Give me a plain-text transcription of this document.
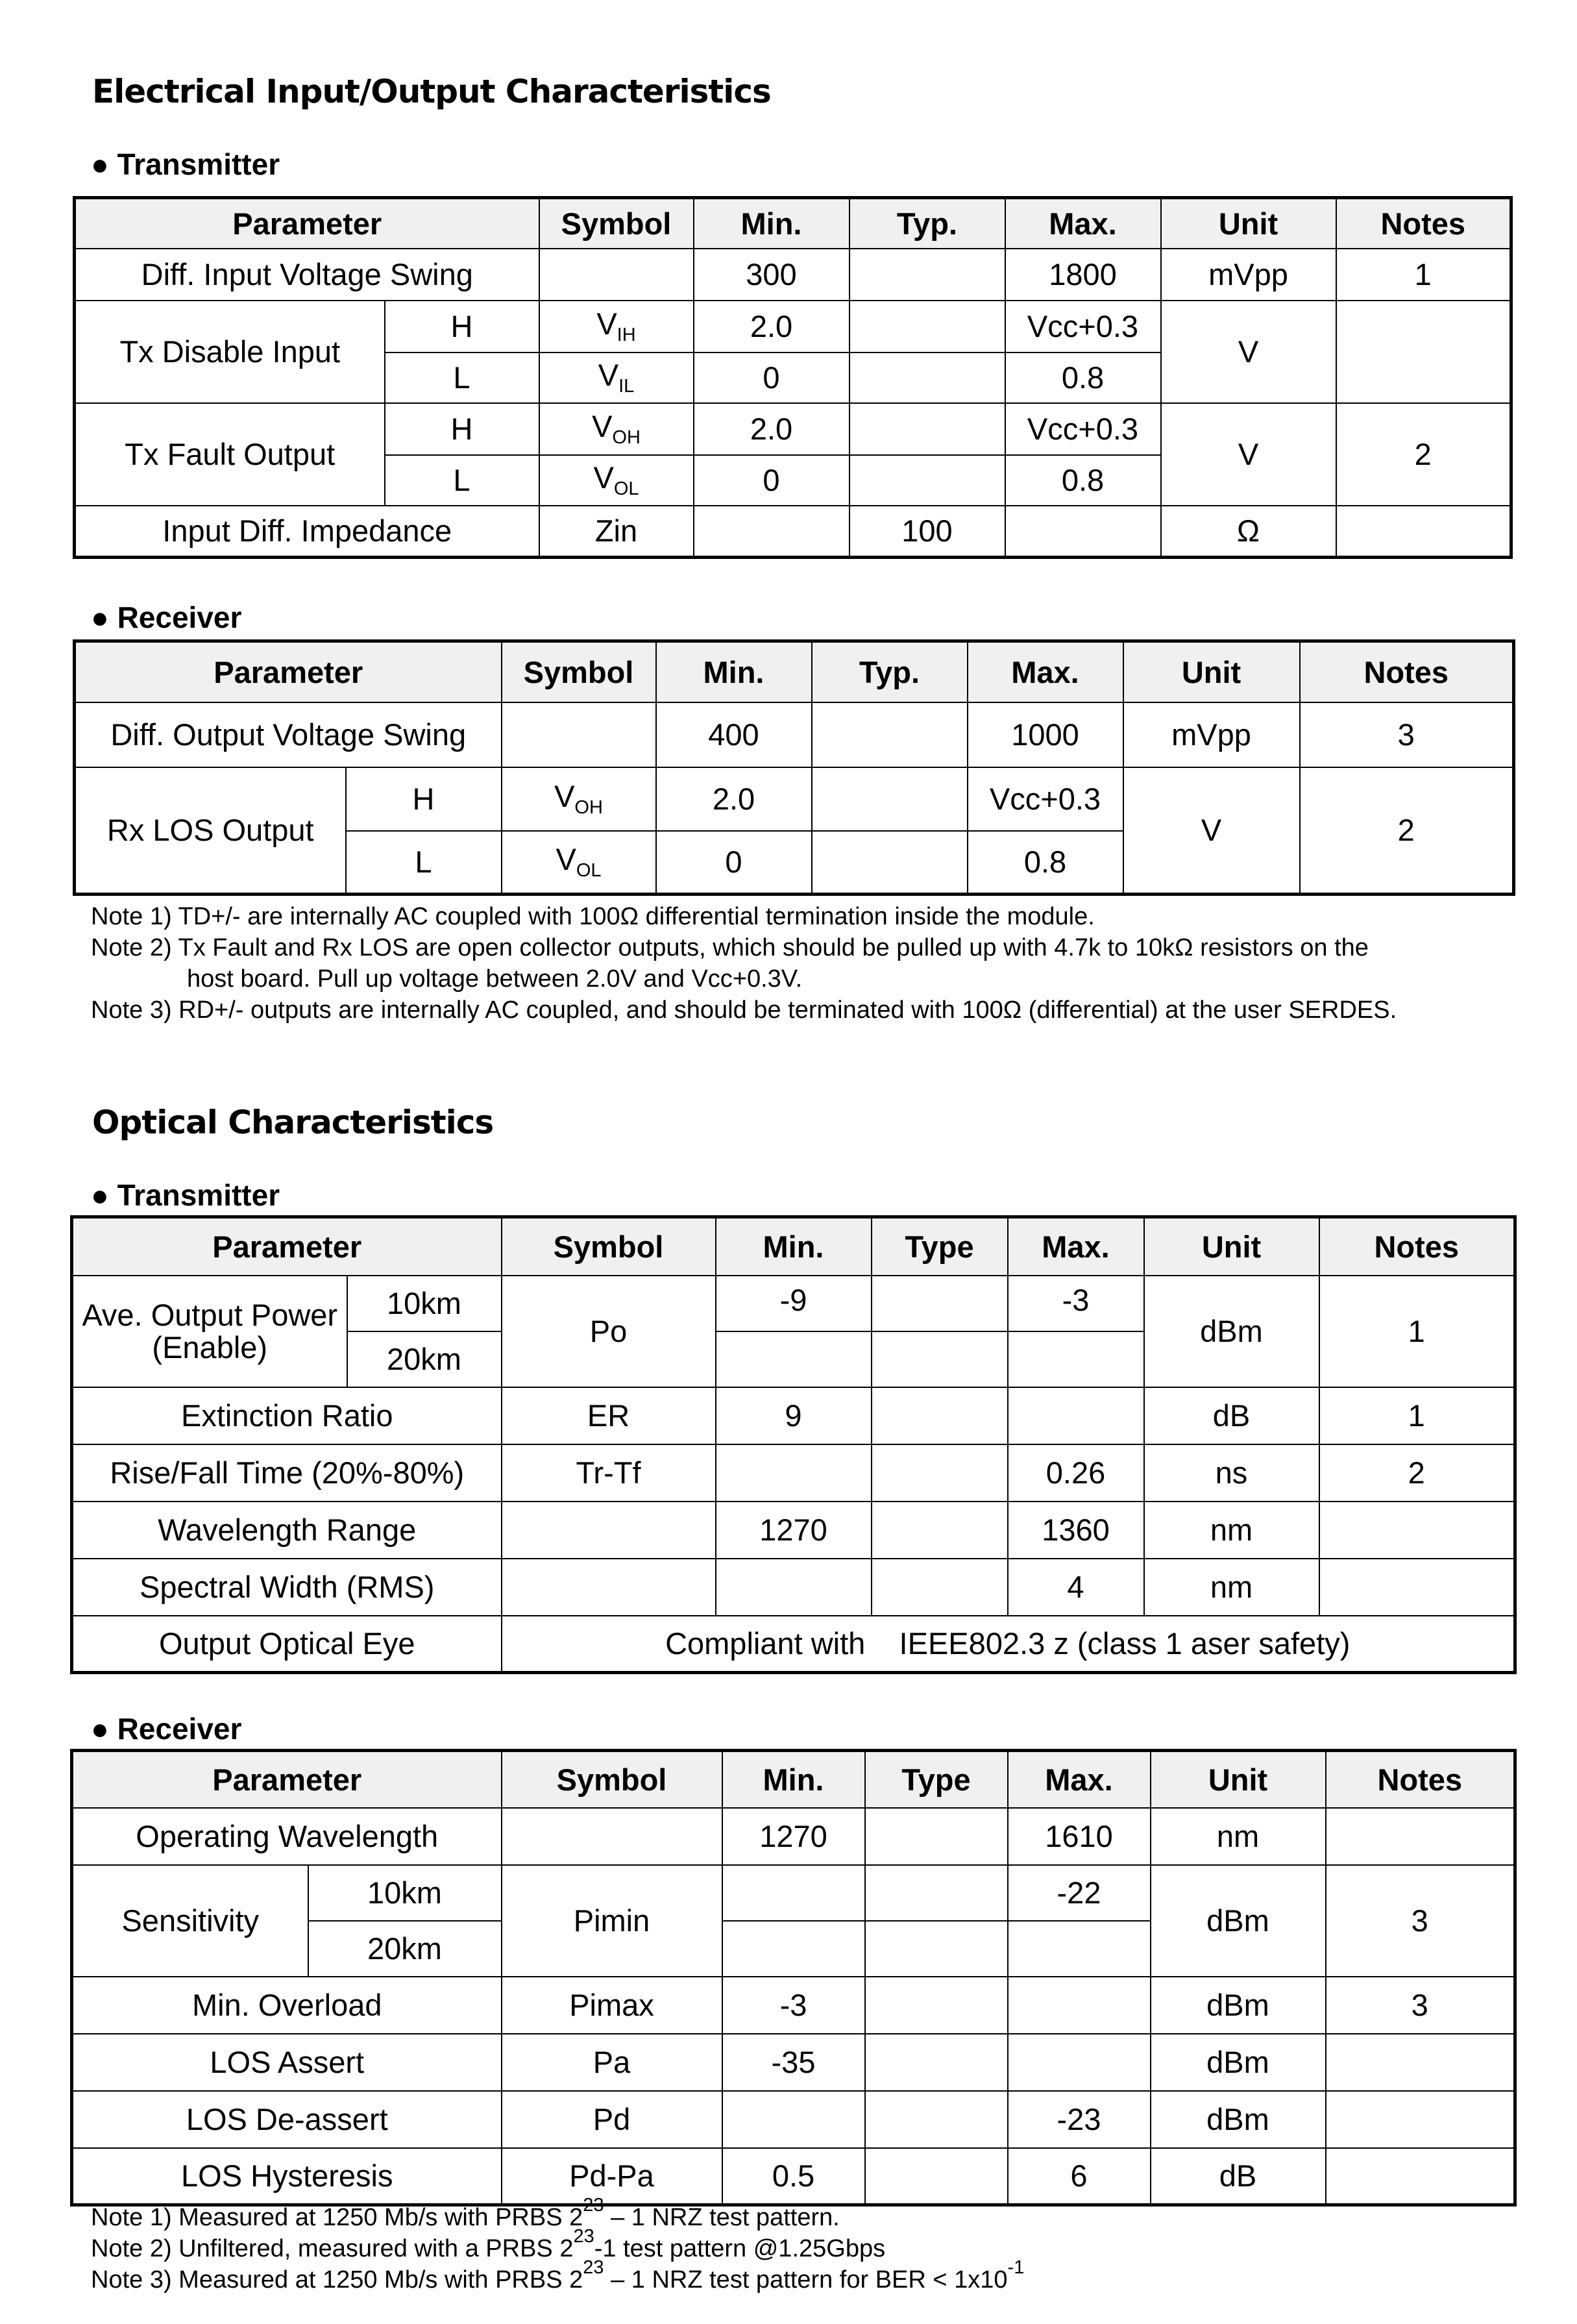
Electrical Input/Output Characteristics
● Transmitter
Parameter		Symbol	Min.	Typ.	Max.	Unit	Notes
Diff. Input Voltage Swing			300		1800	mVpp	1
Tx Disable Input	H	$V_{IH}$	2.0		Vcc+0.3	V	
	L	$V_{IL}$	0		0.8		
Tx Fault Output	H	$V_{OH}$	2.0		Vcc+0.3	V	2
	L	$V_{OL}$	0		0.8		
Input Diff. Impedance		Zin		100		Ω	
● Receiver
Parameter		Symbol	Min.	Typ.	Max.	Unit	Notes
Diff. Output Voltage Swing			400		1000	mVpp	3
Rx LOS Output	H	$V_{OH}$	2.0		Vcc+0.3	V	2
	L	$V_{OL}$	0		0.8		
Note 1) TD+/- are internally AC coupled with 100Ω differential termination inside the module.
Note 2) Tx Fault and Rx LOS are open collector outputs, which should be pulled up with 4.7k to 10kΩ resistors on the
host board. Pull up voltage between 2.0V and Vcc+0.3V.
Note 3) RD+/- outputs are internally AC coupled, and should be terminated with 100Ω (differential) at the user SERDES.
Optical Characteristics
● Transmitter
Parameter		Symbol	Min.	Type	Max.	Unit	Notes
Ave. Output Power (Enable)	10km	Po	-9		-3	dBm	1
	20km						
Extinction Ratio		ER	9			dB	1
Rise/Fall Time (20%-80%)		Tr-Tf			0.26	ns	2
Wavelength Range			1270		1360	nm	
Spectral Width (RMS)					4	nm	
Output Optical Eye		Compliant with    IEEE802.3 z (class 1 aser safety)					
● Receiver
Parameter		Symbol	Min.	Type	Max.	Unit	Notes
Operating Wavelength			1270		1610	nm	
Sensitivity	10km	Pimin			-22	dBm	3
	20km						
Min. Overload		Pimax	-3			dBm	3
LOS Assert		Pa	-35			dBm	
LOS De-assert		Pd			-23	dBm	
LOS Hysteresis		Pd-Pa	0.5		6	dB	
Note 1) Measured at 1250 Mb/s with PRBS $2^{23} - 1$ NRZ test pattern.
Note 2) Unfiltered, measured with a PRBS $2^{23}-1$ test pattern @1.25Gbps
Note 3) Measured at 1250 Mb/s with PRBS $2^{23} - 1$ NRZ test pattern for BER < $1x10^{-1}$
